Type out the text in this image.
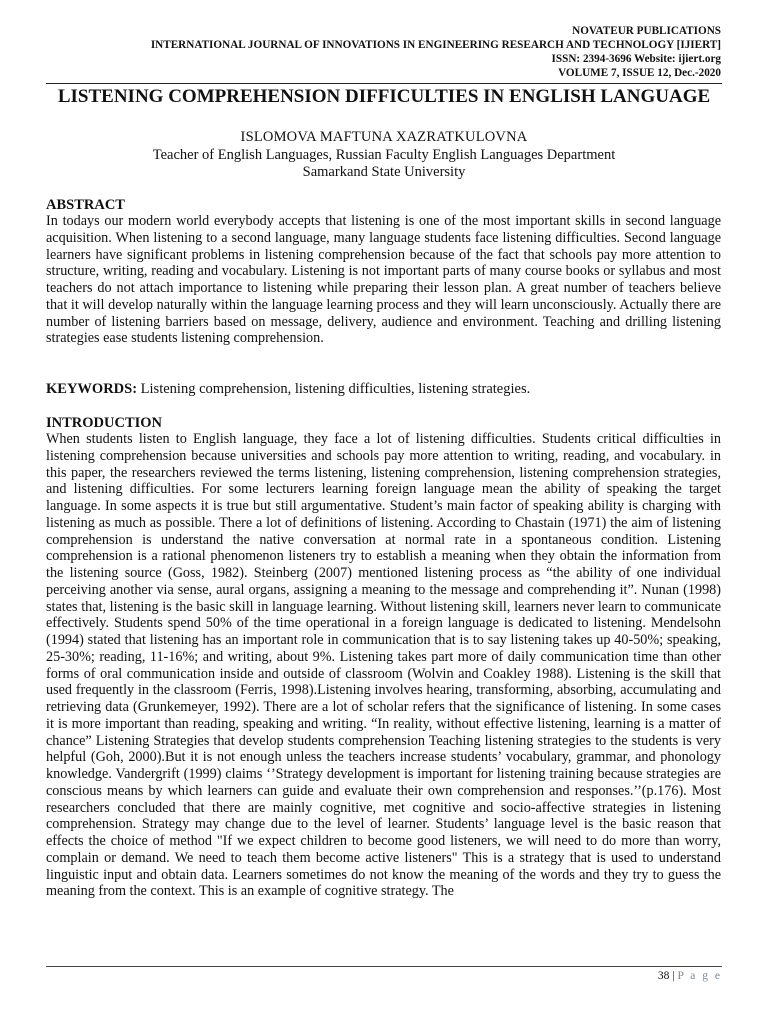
NOVATEUR PUBLICATIONS
INTERNATIONAL JOURNAL OF INNOVATIONS IN ENGINEERING RESEARCH AND TECHNOLOGY [IJIERT]
ISSN: 2394-3696 Website: ijiert.org
VOLUME 7, ISSUE 12, Dec.-2020
LISTENING COMPREHENSION DIFFICULTIES IN ENGLISH LANGUAGE
ISLOMOVA MAFTUNA XAZRATKULOVNA
Teacher of English Languages, Russian Faculty English Languages Department
Samarkand State University
ABSTRACT
In todays our modern world everybody accepts that listening is one of the most important skills in second language acquisition. When listening to a second language, many language students face listening difficulties. Second language learners have significant problems in listening comprehension because of the fact that schools pay more attention to structure, writing, reading and vocabulary. Listening is not important parts of many course books or syllabus and most teachers do not attach importance to listening while preparing their lesson plan. A great number of teachers believe that it will develop naturally within the language learning process and they will learn unconsciously. Actually there are number of listening barriers based on message, delivery, audience and environment. Teaching and drilling listening strategies ease students listening comprehension.
KEYWORDS: Listening comprehension, listening difficulties, listening strategies.
INTRODUCTION
When students listen to English language, they face a lot of listening difficulties. Students critical difficulties in listening comprehension because universities and schools pay more attention to writing, reading, and vocabulary. in this paper, the researchers reviewed the terms listening, listening comprehension, listening comprehension strategies, and listening difficulties. For some lecturers learning foreign language mean the ability of speaking the target language. In some aspects it is true but still argumentative. Student’s main factor of speaking ability is charging with listening as much as possible. There a lot of definitions of listening. According to Chastain (1971) the aim of listening comprehension is understand the native conversation at normal rate in a spontaneous condition. Listening comprehension is a rational phenomenon listeners try to establish a meaning when they obtain the information from the listening source (Goss, 1982). Steinberg (2007) mentioned listening process as “the ability of one individual perceiving another via sense, aural organs, assigning a meaning to the message and comprehending it”. Nunan (1998) states that, listening is the basic skill in language learning. Without listening skill, learners never learn to communicate effectively. Students spend 50% of the time operational in a foreign language is dedicated to listening. Mendelsohn (1994) stated that listening has an important role in communication that is to say listening takes up 40-50%; speaking, 25-30%; reading, 11-16%; and writing, about 9%. Listening takes part more of daily communication time than other forms of oral communication inside and outside of classroom (Wolvin and Coakley 1988). Listening is the skill that used frequently in the classroom (Ferris, 1998).Listening involves hearing, transforming, absorbing, accumulating and retrieving data (Grunkemeyer, 1992). There are a lot of scholar refers that the significance of listening. In some cases it is more important than reading, speaking and writing. “In reality, without effective listening, learning is a matter of chance” Listening Strategies that develop students comprehension Teaching listening strategies to the students is very helpful (Goh, 2000).But it is not enough unless the teachers increase students’ vocabulary, grammar, and phonology knowledge. Vandergrift (1999) claims ‘’Strategy development is important for listening training because strategies are conscious means by which learners can guide and evaluate their own comprehension and responses.’’(p.176). Most researchers concluded that there are mainly cognitive, met cognitive and socio-affective strategies in listening comprehension. Strategy may change due to the level of learner. Students’ language level is the basic reason that effects the choice of method "If we expect children to become good listeners, we will need to do more than worry, complain or demand. We need to teach them become active listeners" This is a strategy that is used to understand linguistic input and obtain data. Learners sometimes do not know the meaning of the words and they try to guess the meaning from the context. This is an example of cognitive strategy. The
38 | P a g e
